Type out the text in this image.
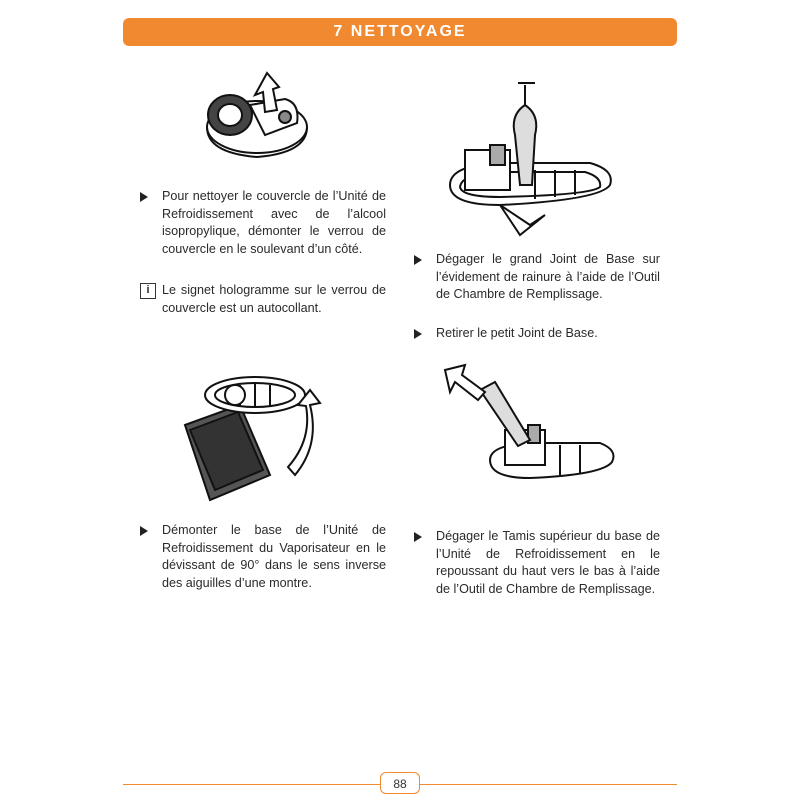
7 NETTOYAGE
Pour nettoyer le couvercle de l’Unité de Refroidissement avec de l’alcool isopropylique, démonter le verrou de couvercle en le soulevant d’un côté.
i Le signet hologramme sur le verrou de couvercle est un autocollant.
Dégager le grand Joint de Base sur l’évidement de rainure à l’aide de l’Outil de Chambre de Remplissage.
Retirer le petit Joint de Base.
Démonter le base de l’Unité de Refroidissement du Vaporisateur en le dévissant de 90° dans le sens inverse des aiguilles d’une montre.
Dégager le Tamis supérieur du base de l’Unité de Refroidissement en le repoussant du haut vers le bas à l’aide de l’Outil de Chambre de Remplissage.
88
